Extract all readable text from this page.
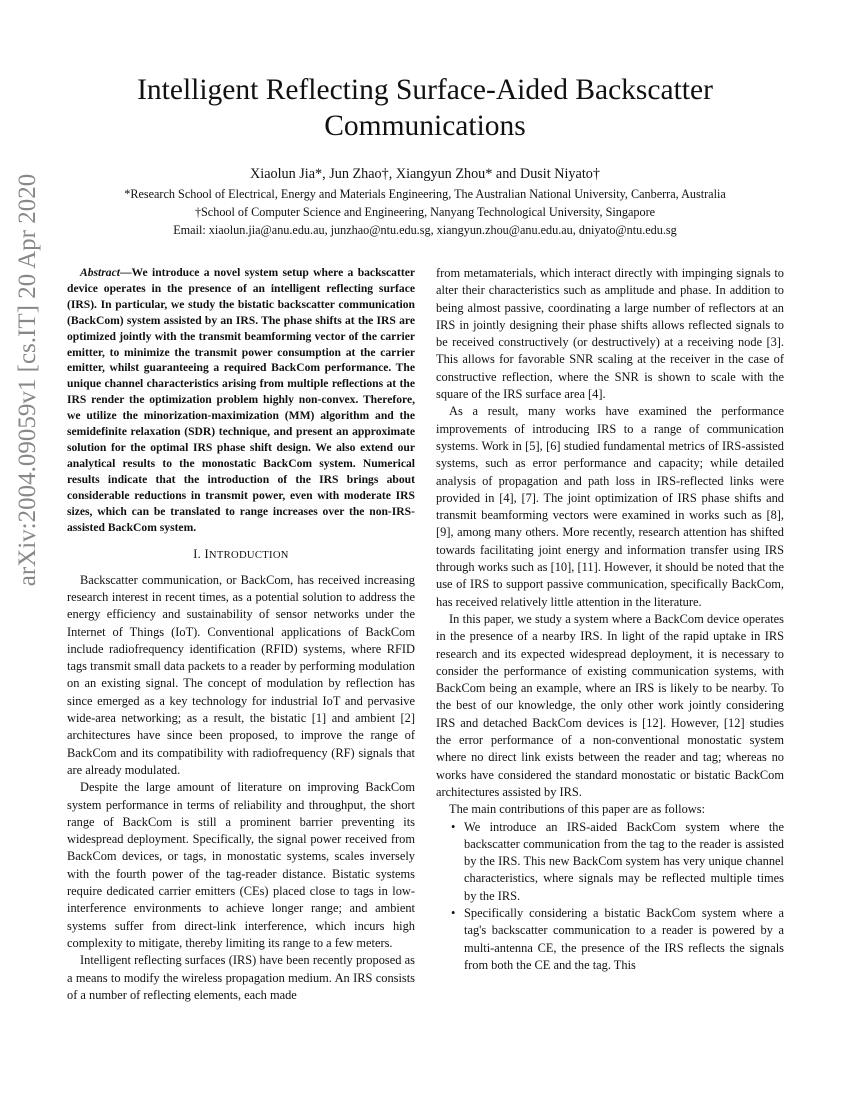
Intelligent Reflecting Surface-Aided Backscatter Communications
Xiaolun Jia*, Jun Zhao†, Xiangyun Zhou* and Dusit Niyato†
*Research School of Electrical, Energy and Materials Engineering, The Australian National University, Canberra, Australia
†School of Computer Science and Engineering, Nanyang Technological University, Singapore
Email: xiaolun.jia@anu.edu.au, junzhao@ntu.edu.sg, xiangyun.zhou@anu.edu.au, dniyato@ntu.edu.sg
arXiv:2004.09059v1 [cs.IT] 20 Apr 2020	Abstract—We introduce a novel system setup where a backscatter device operates in the presence of an intelligent reflecting surface (IRS). In particular, we study the bistatic backscatter communication (BackCom) system assisted by an IRS. The phase shifts at the IRS are optimized jointly with the transmit beamforming vector of the carrier emitter, to minimize the transmit power consumption at the carrier emitter, whilst guaranteeing a required BackCom performance. The unique channel characteristics arising from multiple reflections at the IRS render the optimization problem highly non-convex. Therefore, we utilize the minorization-maximization (MM) algorithm and the semidefinite relaxation (SDR) technique, and present an approximate solution for the optimal IRS phase shift design. We also extend our analytical results to the monostatic BackCom system. Numerical results indicate that the introduction of the IRS brings about considerable reductions in transmit power, even with moderate IRS sizes, which can be translated to range increases over the non-IRS-assisted BackCom system.

I. INTRODUCTION

Backscatter communication, or BackCom, has received increasing research interest in recent times, as a potential solution to address the energy efficiency and sustainability of sensor networks under the Internet of Things (IoT). Conventional applications of BackCom include radiofrequency identification (RFID) systems, where RFID tags transmit small data packets to a reader by performing modulation on an existing signal. The concept of modulation by reflection has since emerged as a key technology for industrial IoT and pervasive wide-area networking; as a result, the bistatic [1] and ambient [2] architectures have since been proposed, to improve the range of BackCom and its compatibility with radiofrequency (RF) signals that are already modulated.

Despite the large amount of literature on improving BackCom system performance in terms of reliability and throughput, the short range of BackCom is still a prominent barrier preventing its widespread deployment. Specifically, the signal power received from BackCom devices, or tags, in monostatic systems, scales inversely with the fourth power of the tag-reader distance. Bistatic systems require dedicated carrier emitters (CEs) placed close to tags in low-interference environments to achieve longer range; and ambient systems suffer from direct-link interference, which incurs high complexity to mitigate, thereby limiting its range to a few meters.

Intelligent reflecting surfaces (IRS) have been recently proposed as a means to modify the wireless propagation medium. An IRS consists of a number of reflecting elements, each made

from metamaterials, which interact directly with impinging signals to alter their characteristics such as amplitude and phase. In addition to being almost passive, coordinating a large number of reflectors at an IRS in jointly designing their phase shifts allows reflected signals to be received constructively (or destructively) at a receiving node [3]. This allows for favorable SNR scaling at the receiver in the case of constructive reflection, where the SNR is shown to scale with the square of the IRS surface area [4].

As a result, many works have examined the performance improvements of introducing IRS to a range of communication systems. Work in [5], [6] studied fundamental metrics of IRS-assisted systems, such as error performance and capacity; while detailed analysis of propagation and path loss in IRS-reflected links were provided in [4], [7]. The joint optimization of IRS phase shifts and transmit beamforming vectors were examined in works such as [8], [9], among many others. More recently, research attention has shifted towards facilitating joint energy and information transfer using IRS through works such as [10], [11]. However, it should be noted that the use of IRS to support passive communication, specifically BackCom, has received relatively little attention in the literature.

In this paper, we study a system where a BackCom device operates in the presence of a nearby IRS. In light of the rapid uptake in IRS research and its expected widespread deployment, it is necessary to consider the performance of existing communication systems, with BackCom being an example, where an IRS is likely to be nearby. To the best of our knowledge, the only other work jointly considering IRS and detached BackCom devices is [12]. However, [12] studies the error performance of a non-conventional monostatic system where no direct link exists between the reader and tag; whereas no works have considered the standard monostatic or bistatic BackCom architectures assisted by IRS.

The main contributions of this paper are as follows:

• We introduce an IRS-aided BackCom system where the backscatter communication from the tag to the reader is assisted by the IRS. This new BackCom system has very unique channel characteristics, where signals may be reflected multiple times by the IRS.
• Specifically considering a bistatic BackCom system where a tag's backscatter communication to a reader is powered by a multi-antenna CE, the presence of the IRS reflects the signals from both the CE and the tag. This
